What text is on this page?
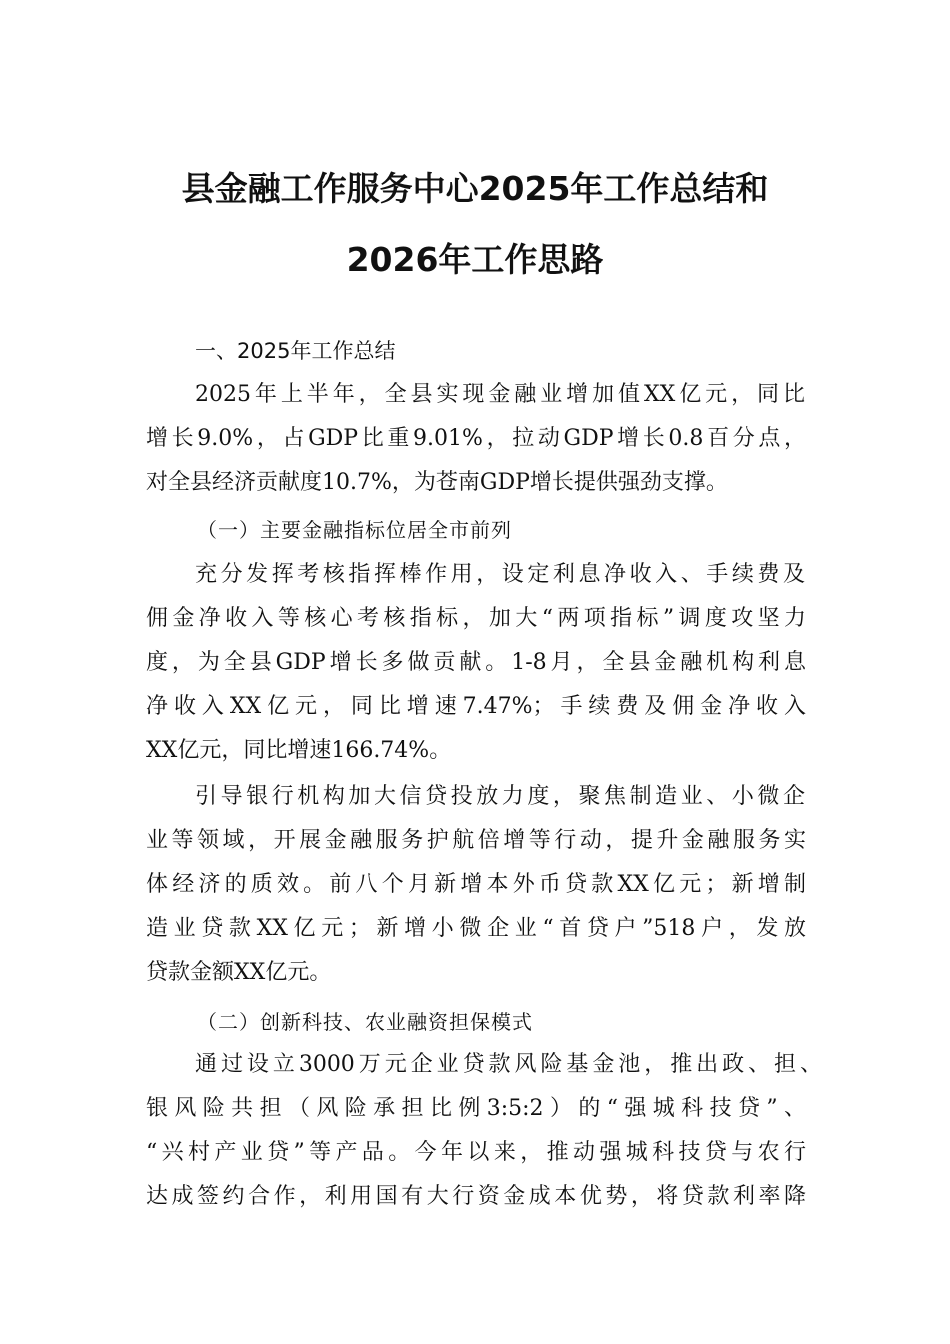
县金融工作服务中心2025年工作总结和
2026年工作思路
一、2025年工作总结
2025年上半年，全县实现金融业增加值XX亿元，同比
增长9.0%，占GDP比重9.01%，拉动GDP增长0.8百分点，
对全县经济贡献度10.7%，为苍南GDP增长提供强劲支撑。
（一）主要金融指标位居全市前列
充分发挥考核指挥棒作用，设定利息净收入、手续费及
佣金净收入等核心考核指标，加大“两项指标”调度攻坚力
度，为全县GDP增长多做贡献。1-8月，全县金融机构利息
净收入XX亿元，同比增速7.47%；手续费及佣金净收入
XX亿元，同比增速166.74%。
引导银行机构加大信贷投放力度，聚焦制造业、小微企
业等领域，开展金融服务护航倍增等行动，提升金融服务实
体经济的质效。前八个月新增本外币贷款XX亿元；新增制
造业贷款XX亿元；新增小微企业“首贷户”518户，发放
贷款金额XX亿元。
（二）创新科技、农业融资担保模式
通过设立3000万元企业贷款风险基金池，推出政、担、
银风险共担（风险承担比例3:5:2）的“强城科技贷”、
“兴村产业贷”等产品。今年以来，推动强城科技贷与农行
达成签约合作，利用国有大行资金成本优势，将贷款利率降
